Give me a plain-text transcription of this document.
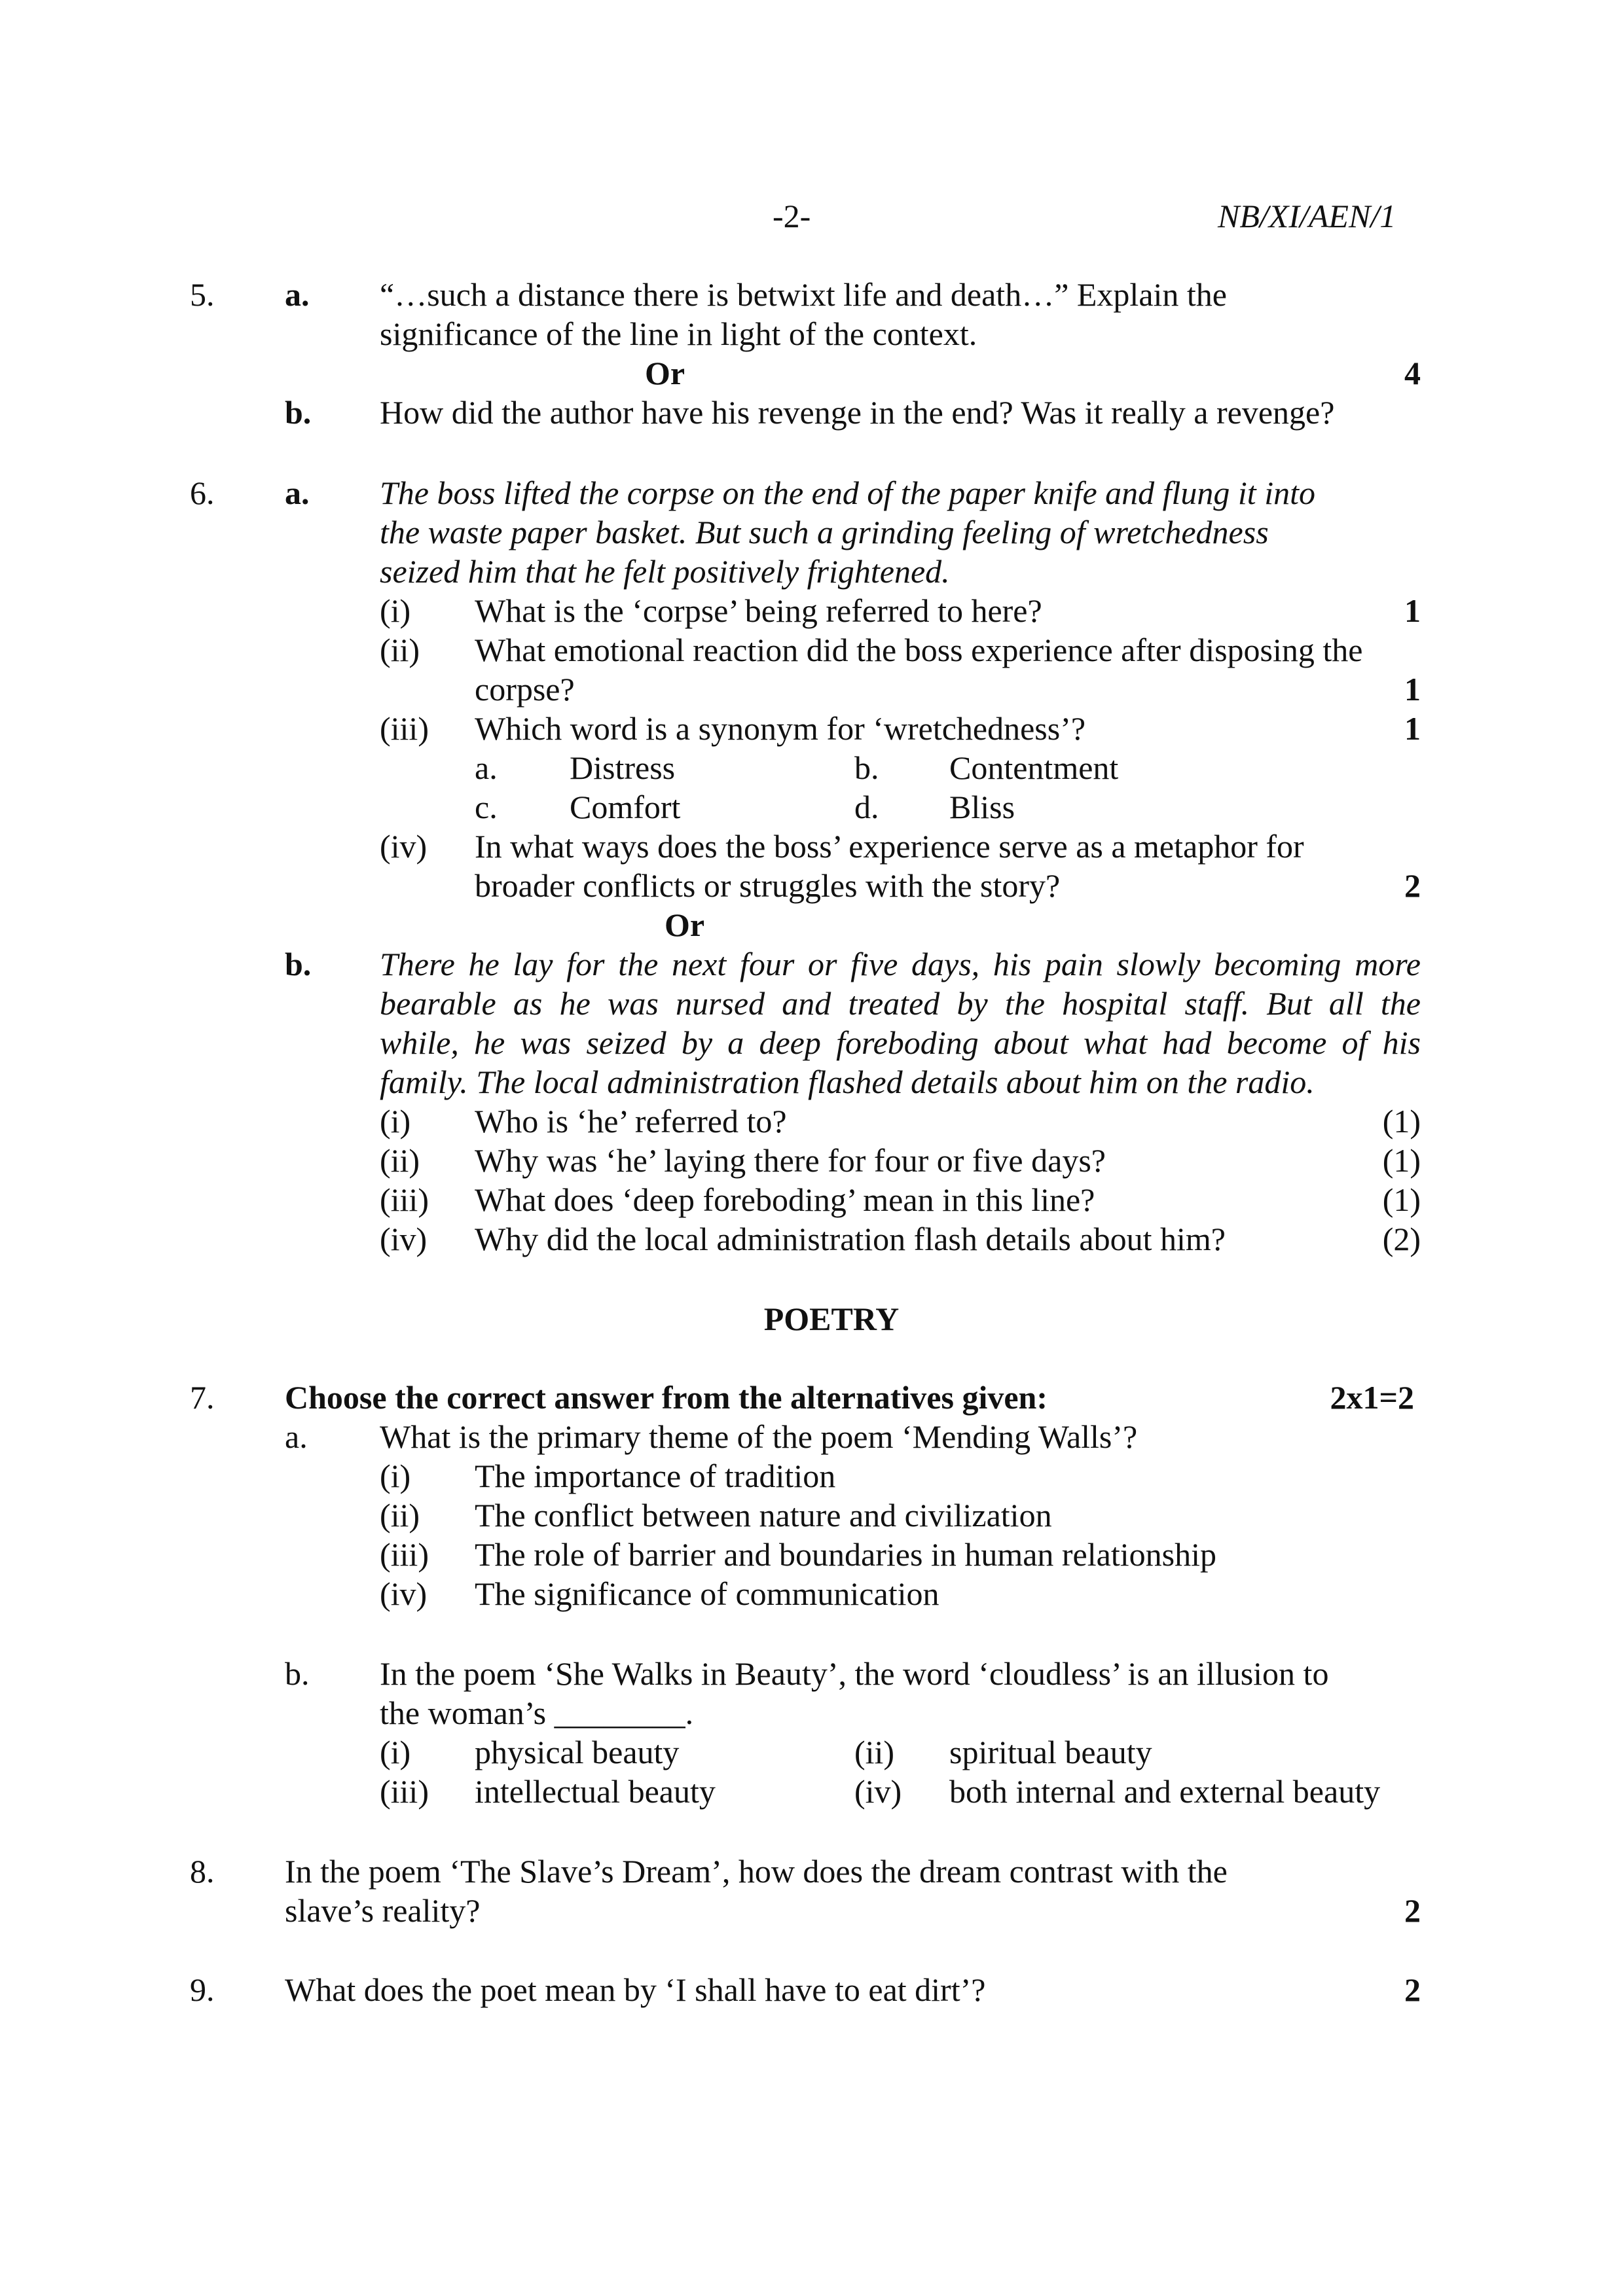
-2-	NB/XI/AEN/1
5. a. “…such a distance there is betwixt life and death…” Explain the
significance of the line in light of the context.
Or	4
b. How did the author have his revenge in the end? Was it really a revenge?
6. a. The boss lifted the corpse on the end of the paper knife and flung it into
the waste paper basket. But such a grinding feeling of wretchedness
seized him that he felt positively frightened.
(i) What is the ‘corpse’ being referred to here?	1
(ii) What emotional reaction did the boss experience after disposing the
corpse?	1
(iii) Which word is a synonym for ‘wretchedness’?	1
a. Distress	b. Contentment
c. Comfort	d. Bliss
(iv) In what ways does the boss’ experience serve as a metaphor for
broader conflicts or struggles with the story?	2
Or
b. There he lay for the next four or five days, his pain slowly becoming more
bearable as he was nursed and treated by the hospital staff. But all the
while, he was seized by a deep foreboding about what had become of his
family. The local administration flashed details about him on the radio.
(i) Who is ‘he’ referred to?	(1)
(ii) Why was ‘he’ laying there for four or five days?	(1)
(iii) What does ‘deep foreboding’ mean in this line?	(1)
(iv) Why did the local administration flash details about him?	(2)
POETRY
7. Choose the correct answer from the alternatives given:	2x1=2
a. What is the primary theme of the poem ‘Mending Walls’?
(i) The importance of tradition
(ii) The conflict between nature and civilization
(iii) The role of barrier and boundaries in human relationship
(iv) The significance of communication
b. In the poem ‘She Walks in Beauty’, the word ‘cloudless’ is an illusion to
the woman’s ________.
(i) physical beauty	(ii) spiritual beauty
(iii) intellectual beauty	(iv) both internal and external beauty
8. In the poem ‘The Slave’s Dream’, how does the dream contrast with the
slave’s reality?	2
9. What does the poet mean by ‘I shall have to eat dirt’?	2
